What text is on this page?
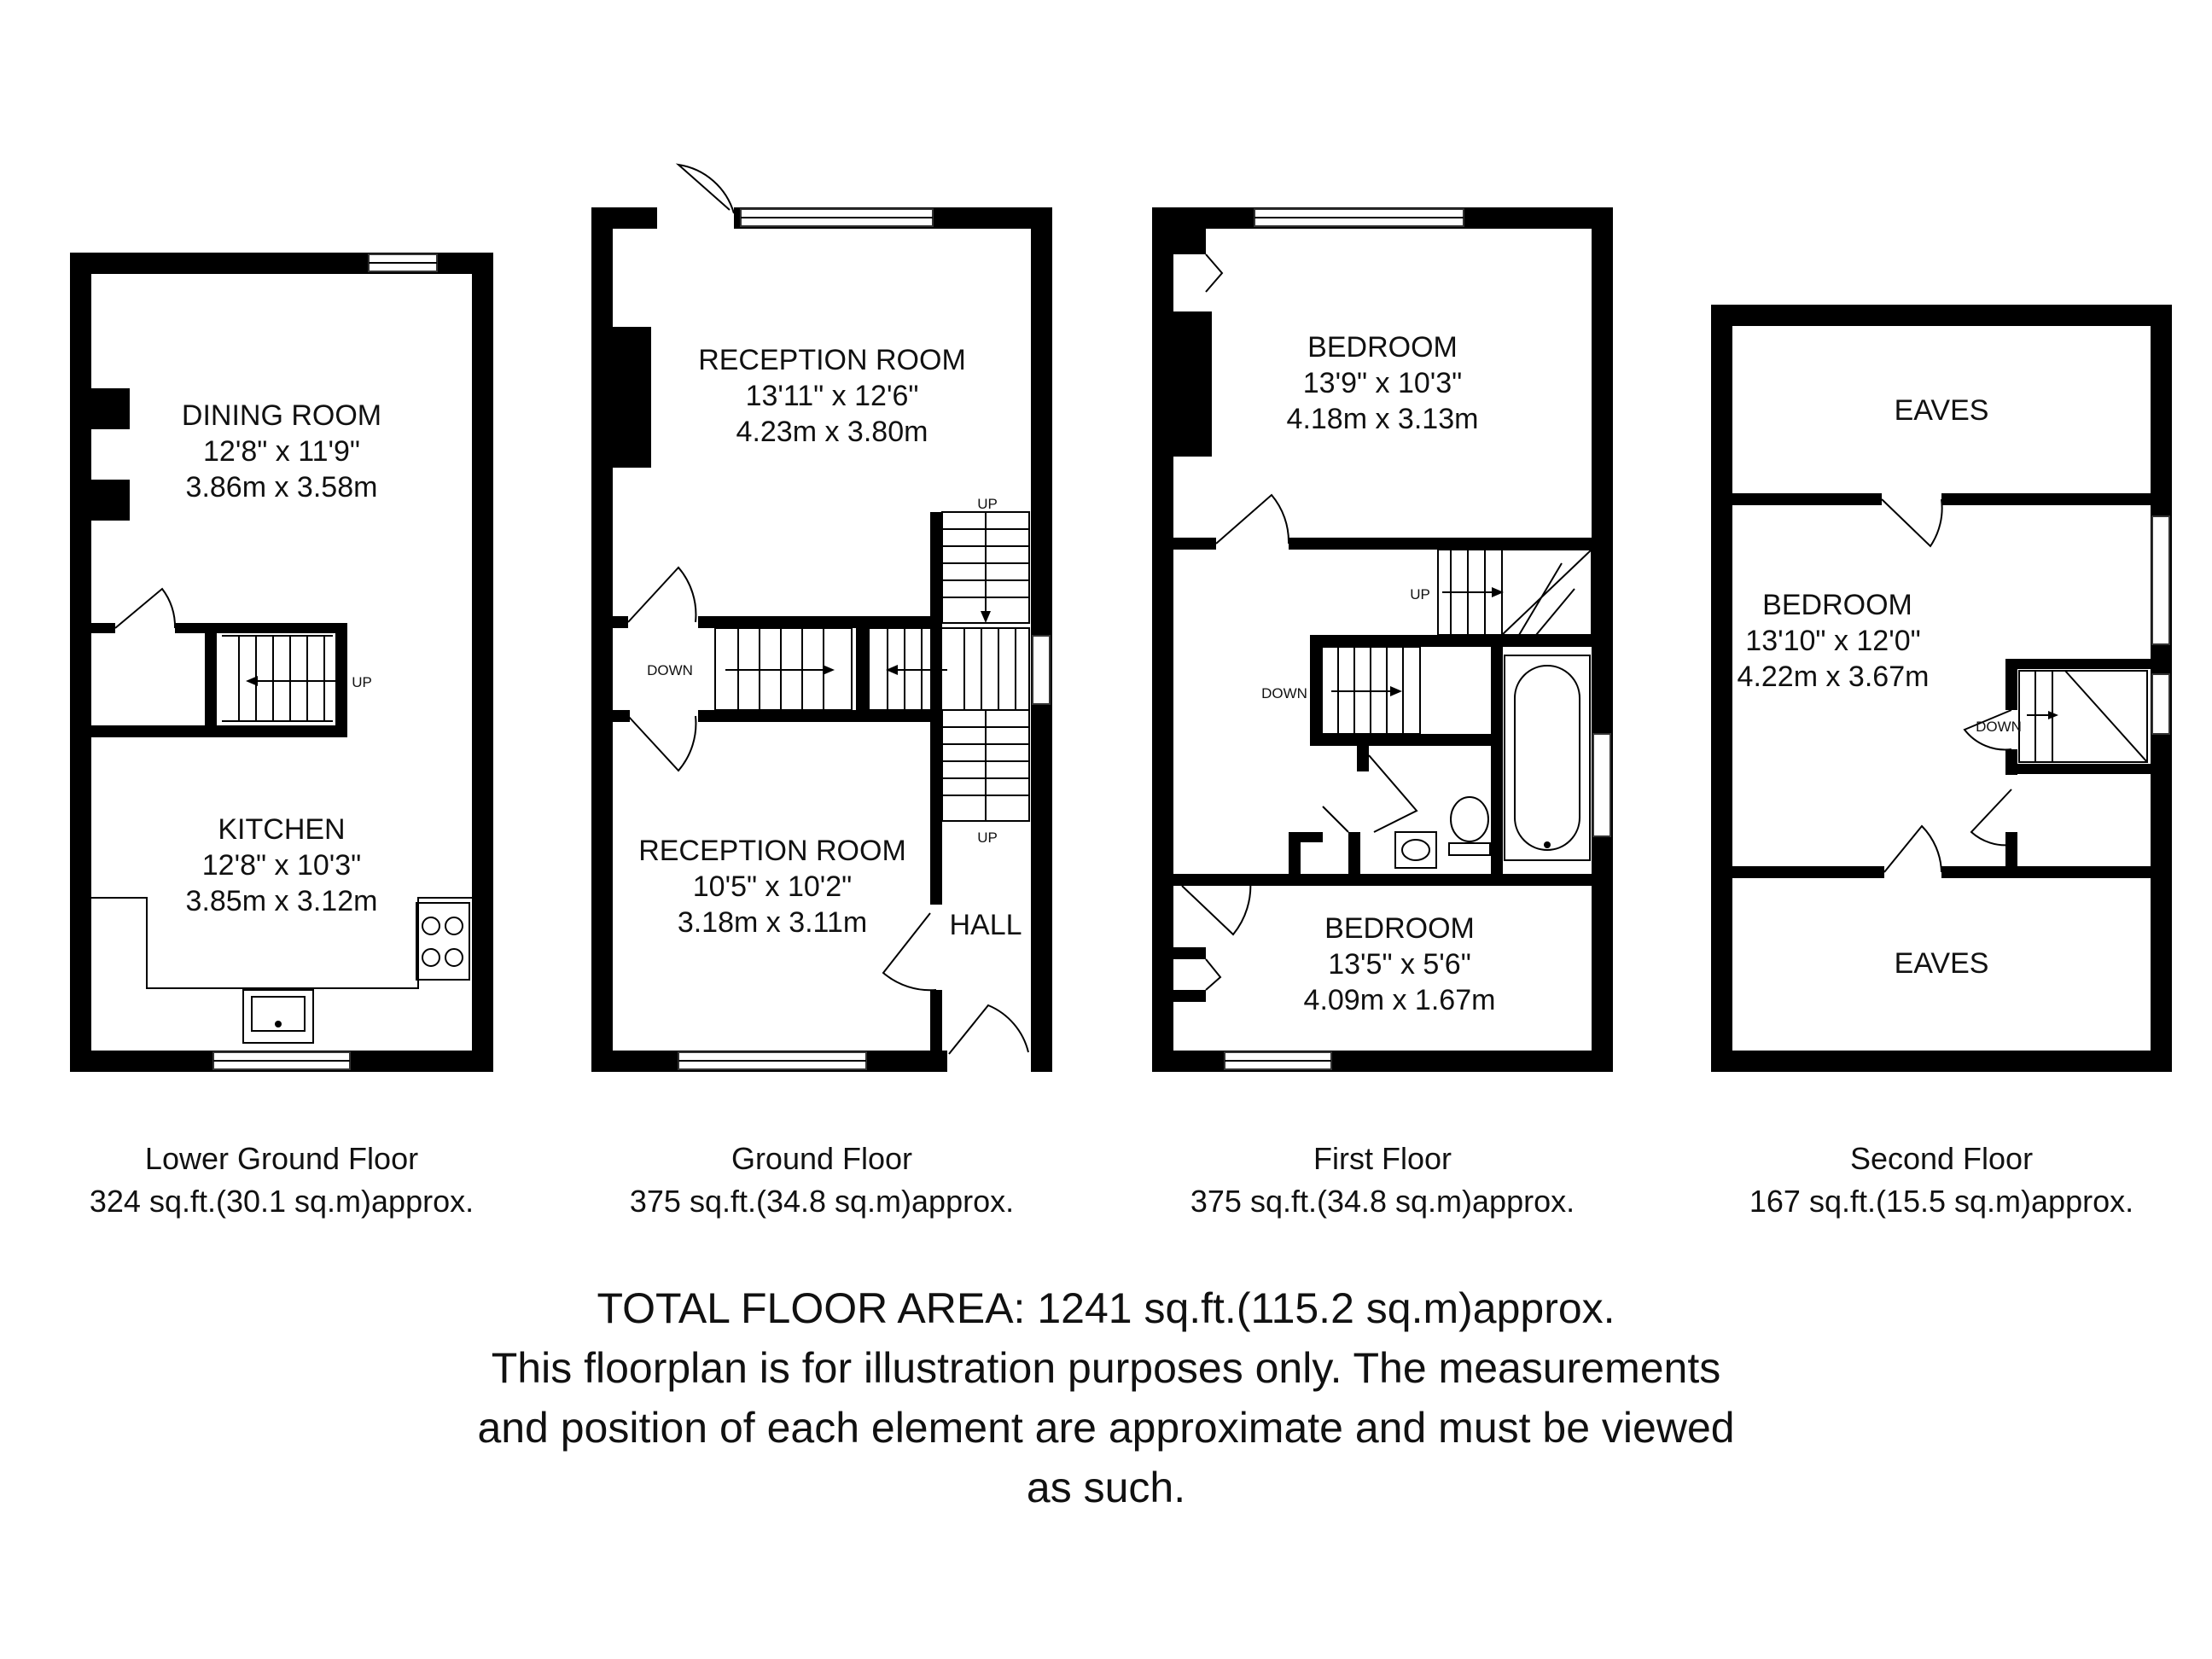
DINING ROOM
12'8" x 11'9"
3.86m x 3.58m
UP
KITCHEN
12'8" x 10'3"
3.85m x 3.12m
RECEPTION ROOM
13'11" x 12'6"
4.23m x 3.80m
UP
DOWN
UP
RECEPTION ROOM
10'5" x 10'2"
3.18m x 3.11m	HALL
BEDROOM
13'9" x 10'3"
4.18m x 3.13m
UP
DOWN
BEDROOM
13'5" x 5'6"
4.09m x 1.67m
EAVES
BEDROOM
13'10" x 12'0"
4.22m x 3.67m
DOWN
EAVES
Lower Ground Floor
324 sq.ft.(30.1 sq.m)approx.
Ground Floor
375 sq.ft.(34.8 sq.m)approx.
First Floor
375 sq.ft.(34.8 sq.m)approx.
Second Floor
167 sq.ft.(15.5 sq.m)approx.
TOTAL FLOOR AREA: 1241 sq.ft.(115.2 sq.m)approx.
This floorplan is for illustration purposes only. The measurements
and position of each element are approximate and must be viewed
as such.
